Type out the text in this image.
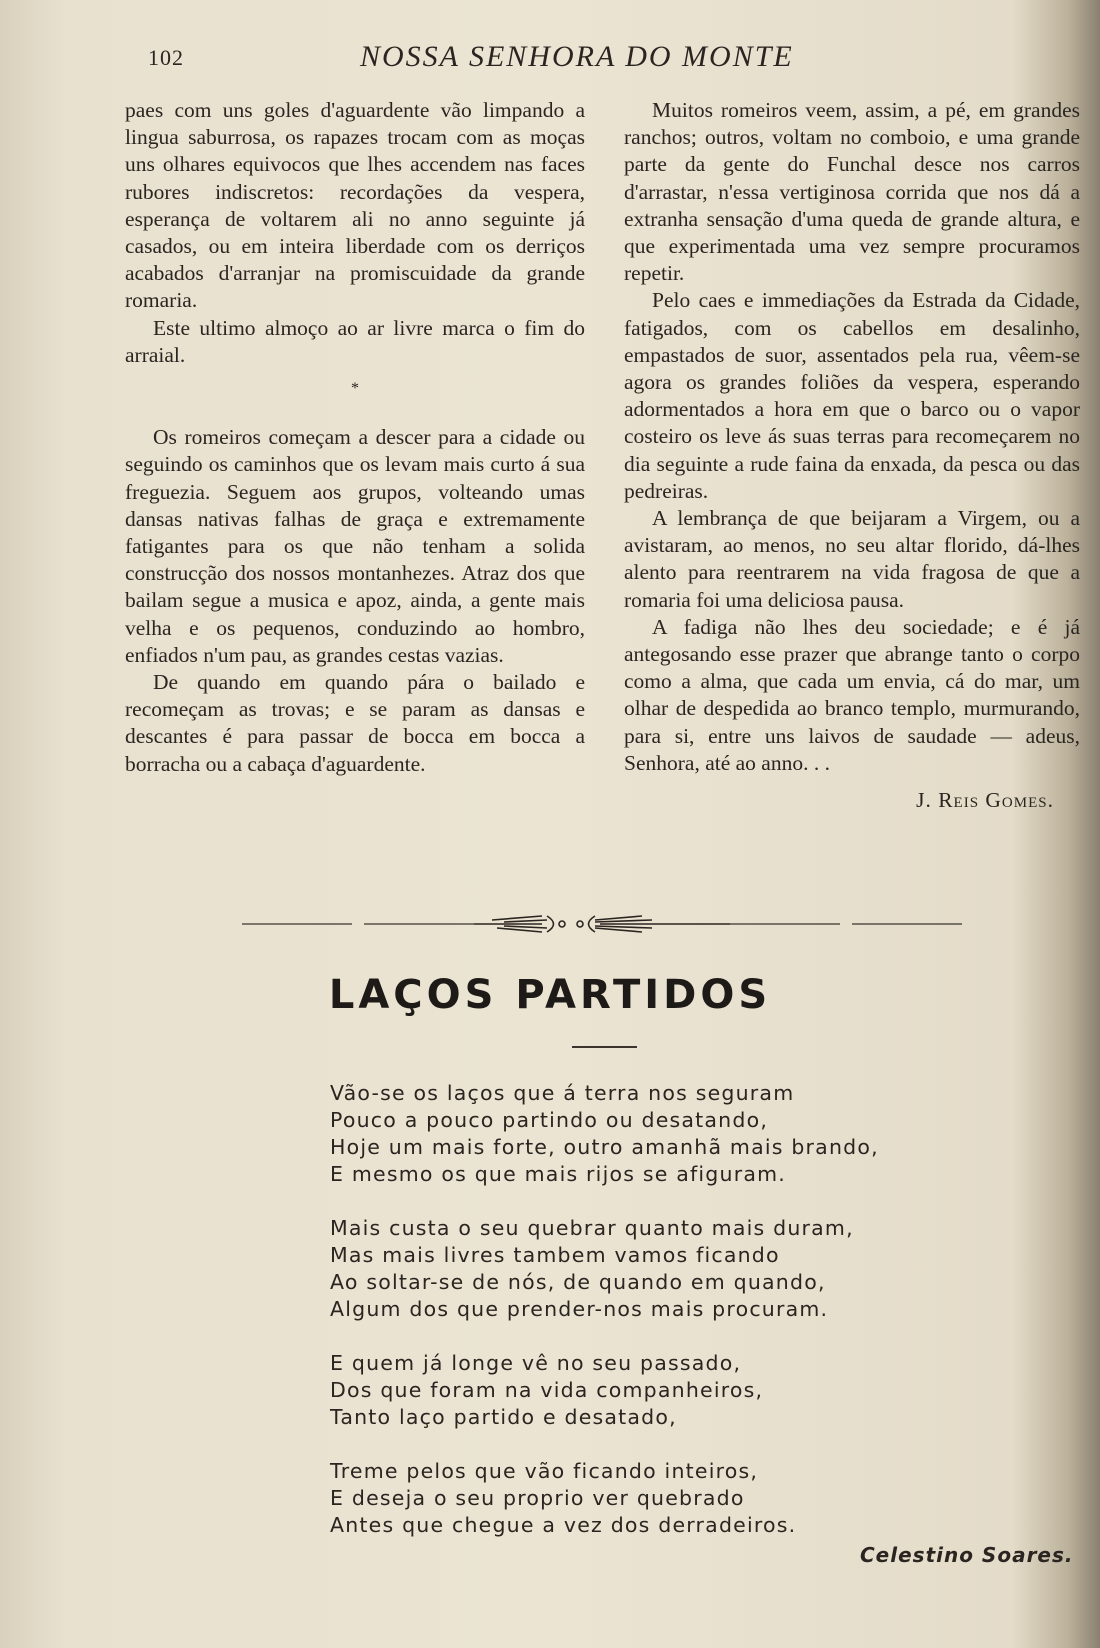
102	NOSSA SENHORA DO MONTE

paes com uns goles d'aguardente vão limpando a lingua saburrosa, os rapazes trocam com as moças uns olhares equivocos que lhes accendem nas faces rubores indiscretos: recordações da vespera, esperança de voltarem ali no anno seguinte já casados, ou em inteira liberdade com os derriços acabados d'arranjar na promiscuidade da grande romaria.

Este ultimo almoço ao ar livre marca o fim do arraial.

*

Os romeiros começam a descer para a cidade ou seguindo os caminhos que os levam mais curto á sua freguezia. Seguem aos grupos, volteando umas dansas nativas falhas de graça e extremamente fatigantes para os que não tenham a solida construcção dos nossos montanhezes. Atraz dos que bailam segue a musica e apoz, ainda, a gente mais velha e os pequenos, conduzindo ao hombro, enfiados n'um pau, as grandes cestas vazias.

De quando em quando pára o bailado e recomeçam as trovas; e se param as dansas e descantes é para passar de bocca em bocca a borracha ou a cabaça d'aguardente.

Muitos romeiros veem, assim, a pé, em grandes ranchos; outros, voltam no comboio, e uma grande parte da gente do Funchal desce nos carros d'arrastar, n'essa vertiginosa corrida que nos dá a extranha sensação d'uma queda de grande altura, e que experimentada uma vez sempre procuramos repetir.

Pelo caes e immediações da Estrada da Cidade, fatigados, com os cabellos em desalinho, empastados de suor, assentados pela rua, vêem-se agora os grandes foliões da vespera, esperando adormentados a hora em que o barco ou o vapor costeiro os leve ás suas terras para recomeçarem no dia seguinte a rude faina da enxada, da pesca ou das pedreiras.

A lembrança de que beijaram a Virgem, ou a avistaram, ao menos, no seu altar florido, dá-lhes alento para reentrarem na vida fragosa de que a romaria foi uma deliciosa pausa.

A fadiga não lhes deu sociedade; e é já antegosando esse prazer que abrange tanto o corpo como a alma, que cada um envia, cá do mar, um olhar de despedida ao branco templo, murmurando, para si, entre uns laivos de saudade — adeus, Senhora, até ao anno. . .

J. Reis Gomes.
LAÇOS PARTIDOS
Vão-se os laços que á terra nos seguram
Pouco a pouco partindo ou desatando,
Hoje um mais forte, outro amanhã mais brando,
E mesmo os que mais rijos se afiguram.
Mais custa o seu quebrar quanto mais duram,
Mas mais livres tambem vamos ficando
Ao soltar-se de nós, de quando em quando,
Algum dos que prender-nos mais procuram.
E quem já longe vê no seu passado,
Dos que foram na vida companheiros,
Tanto laço partido e desatado,
Treme pelos que vão ficando inteiros,
E deseja o seu proprio ver quebrado
Antes que chegue a vez dos derradeiros.
Celestino Soares.
